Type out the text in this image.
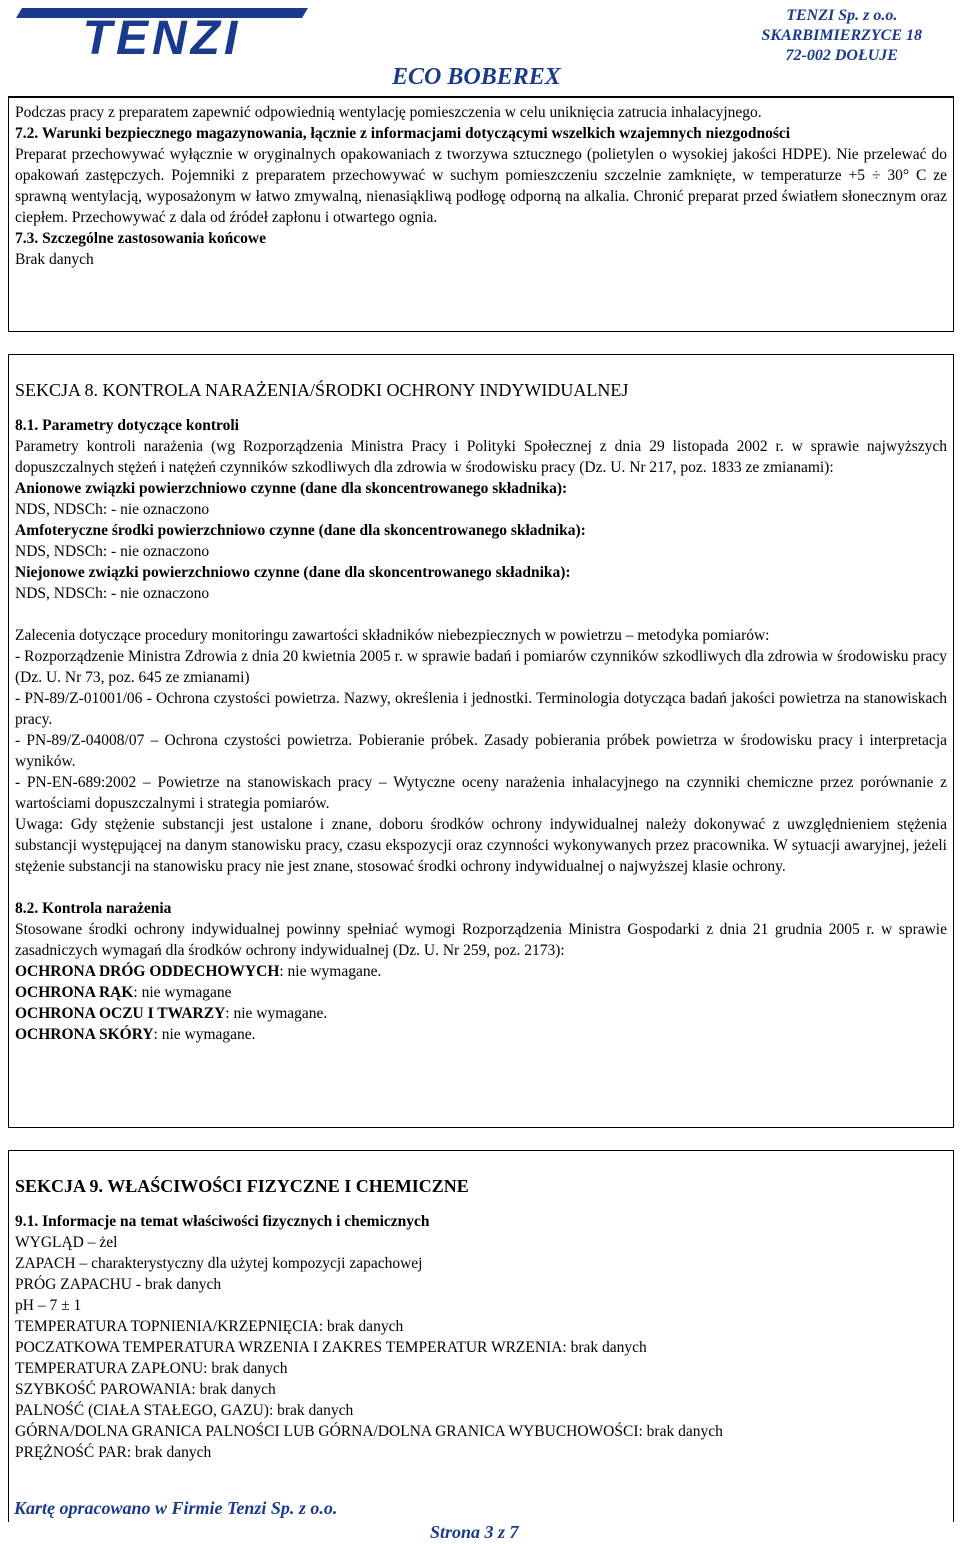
TENZI	TENZI Sp. z o.o.
SKARBIMIERZYCE 18
72-002 DOŁUJE
ECO BOBEREX

Podczas pracy z preparatem zapewnić odpowiednią wentylację pomieszczenia w celu uniknięcia zatrucia inhalacyjnego.

7.2. Warunki bezpiecznego magazynowania, łącznie z informacjami dotyczącymi wszelkich wzajemnych niezgodności

Preparat przechowywać wyłącznie w oryginalnych opakowaniach z tworzywa sztucznego (polietylen o wysokiej jakości HDPE). Nie przelewać do opakowań zastępczych. Pojemniki z preparatem przechowywać w suchym pomieszczeniu szczelnie zamknięte, w temperaturze +5 ÷ 30° C ze sprawną wentylacją, wyposażonym w łatwo zmywalną, nienasiąkliwą podłogę odporną na alkalia. Chronić preparat przed światłem słonecznym oraz ciepłem. Przechowywać z dala od źródeł zapłonu i otwartego ognia.

7.3. Szczególne zastosowania końcowe

Brak danych

SEKCJA 8. KONTROLA NARAŻENIA/ŚRODKI OCHRONY INDYWIDUALNEJ

8.1. Parametry dotyczące kontroli

Parametry kontroli narażenia (wg Rozporządzenia Ministra Pracy i Polityki Społecznej z dnia 29 listopada 2002 r. w sprawie najwyższych dopuszczalnych stężeń i natężeń czynników szkodliwych dla zdrowia w środowisku pracy (Dz. U. Nr 217, poz. 1833 ze zmianami):

Anionowe związki powierzchniowo czynne (dane dla skoncentrowanego składnika):

NDS, NDSCh: - nie oznaczono

Amfoteryczne środki powierzchniowo czynne (dane dla skoncentrowanego składnika):

NDS, NDSCh: - nie oznaczono

Niejonowe związki powierzchniowo czynne (dane dla skoncentrowanego składnika):

NDS, NDSCh: - nie oznaczono

Zalecenia dotyczące procedury monitoringu zawartości składników niebezpiecznych w powietrzu – metodyka pomiarów:

- Rozporządzenie Ministra Zdrowia z dnia 20 kwietnia 2005 r. w sprawie badań i pomiarów czynników szkodliwych dla zdrowia w środowisku pracy (Dz. U. Nr 73, poz. 645 ze zmianami)

- PN-89/Z-01001/06 - Ochrona czystości powietrza. Nazwy, określenia i jednostki. Terminologia dotycząca badań jakości powietrza na stanowiskach pracy.

- PN-89/Z-04008/07 – Ochrona czystości powietrza. Pobieranie próbek. Zasady pobierania próbek powietrza w środowisku pracy i interpretacja wyników.

- PN-EN-689:2002 – Powietrze na stanowiskach pracy – Wytyczne oceny narażenia inhalacyjnego na czynniki chemiczne przez porównanie z wartościami dopuszczalnymi i strategia pomiarów.

Uwaga: Gdy stężenie substancji jest ustalone i znane, doboru środków ochrony indywidualnej należy dokonywać z uwzględnieniem stężenia substancji występującej na danym stanowisku pracy, czasu ekspozycji oraz czynności wykonywanych przez pracownika. W sytuacji awaryjnej, jeżeli stężenie substancji na stanowisku pracy nie jest znane, stosować środki ochrony indywidualnej o najwyższej klasie ochrony.

8.2. Kontrola narażenia

Stosowane środki ochrony indywidualnej powinny spełniać wymogi Rozporządzenia Ministra Gospodarki z dnia 21 grudnia 2005 r. w sprawie zasadniczych wymagań dla środków ochrony indywidualnej (Dz. U. Nr 259, poz. 2173):

OCHRONA DRÓG ODDECHOWYCH: nie wymagane.

OCHRONA RĄK: nie wymagane

OCHRONA OCZU I TWARZY: nie wymagane.

OCHRONA SKÓRY: nie wymagane.

SEKCJA 9. WŁAŚCIWOŚCI FIZYCZNE I CHEMICZNE

9.1. Informacje na temat właściwości fizycznych i chemicznych

WYGLĄD – żel

ZAPACH – charakterystyczny dla użytej kompozycji zapachowej

PRÓG ZAPACHU - brak danych

pH – 7 ± 1

TEMPERATURA TOPNIENIA/KRZEPNIĘCIA: brak danych

POCZATKOWA TEMPERATURA WRZENIA I ZAKRES TEMPERATUR WRZENIA: brak danych

TEMPERATURA ZAPŁONU: brak danych

SZYBKOŚĆ PAROWANIA: brak danych

PALNOŚĆ (CIAŁA STAŁEGO, GAZU): brak danych

GÓRNA/DOLNA GRANICA PALNOŚCI LUB GÓRNA/DOLNA GRANICA WYBUCHOWOŚCI: brak danych

PRĘŻNOŚĆ PAR: brak danych

Kartę opracowano w Firmie Tenzi Sp. z o.o.
Strona 3 z 7
